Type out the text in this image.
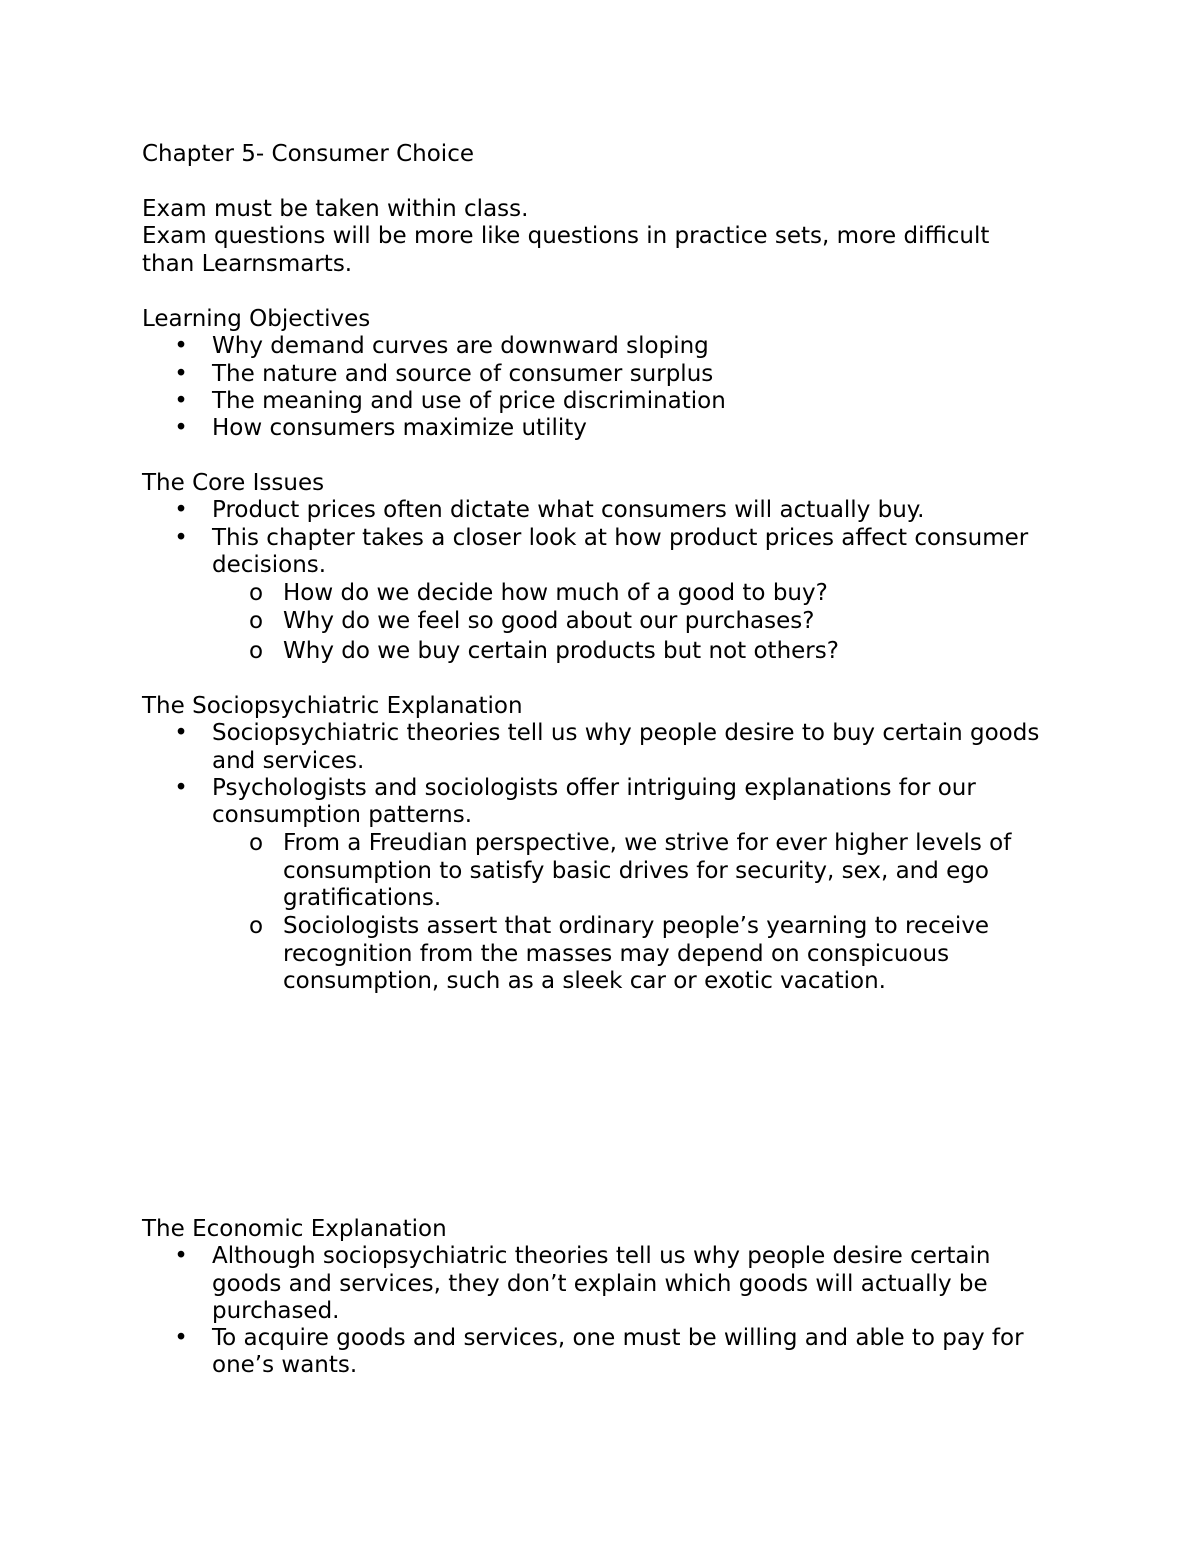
Chapter 5- Consumer Choice
Exam must be taken within class.
Exam questions will be more like questions in practice sets, more difficult than Learnsmarts.
Learning Objectives
• Why demand curves are downward sloping
• The nature and source of consumer surplus
• The meaning and use of price discrimination
• How consumers maximize utility
The Core Issues
• Product prices often dictate what consumers will actually buy.
• This chapter takes a closer look at how product prices affect consumer decisions.
o How do we decide how much of a good to buy?
o Why do we feel so good about our purchases?
o Why do we buy certain products but not others?
The Sociopsychiatric Explanation
• Sociopsychiatric theories tell us why people desire to buy certain goods and services.
• Psychologists and sociologists offer intriguing explanations for our consumption patterns.
o From a Freudian perspective, we strive for ever higher levels of consumption to satisfy basic drives for security, sex, and ego gratifications.
o Sociologists assert that ordinary people’s yearning to receive recognition from the masses may depend on conspicuous consumption, such as a sleek car or exotic vacation.
The Economic Explanation
• Although sociopsychiatric theories tell us why people desire certain goods and services, they don’t explain which goods will actually be purchased.
• To acquire goods and services, one must be willing and able to pay for one’s wants.
